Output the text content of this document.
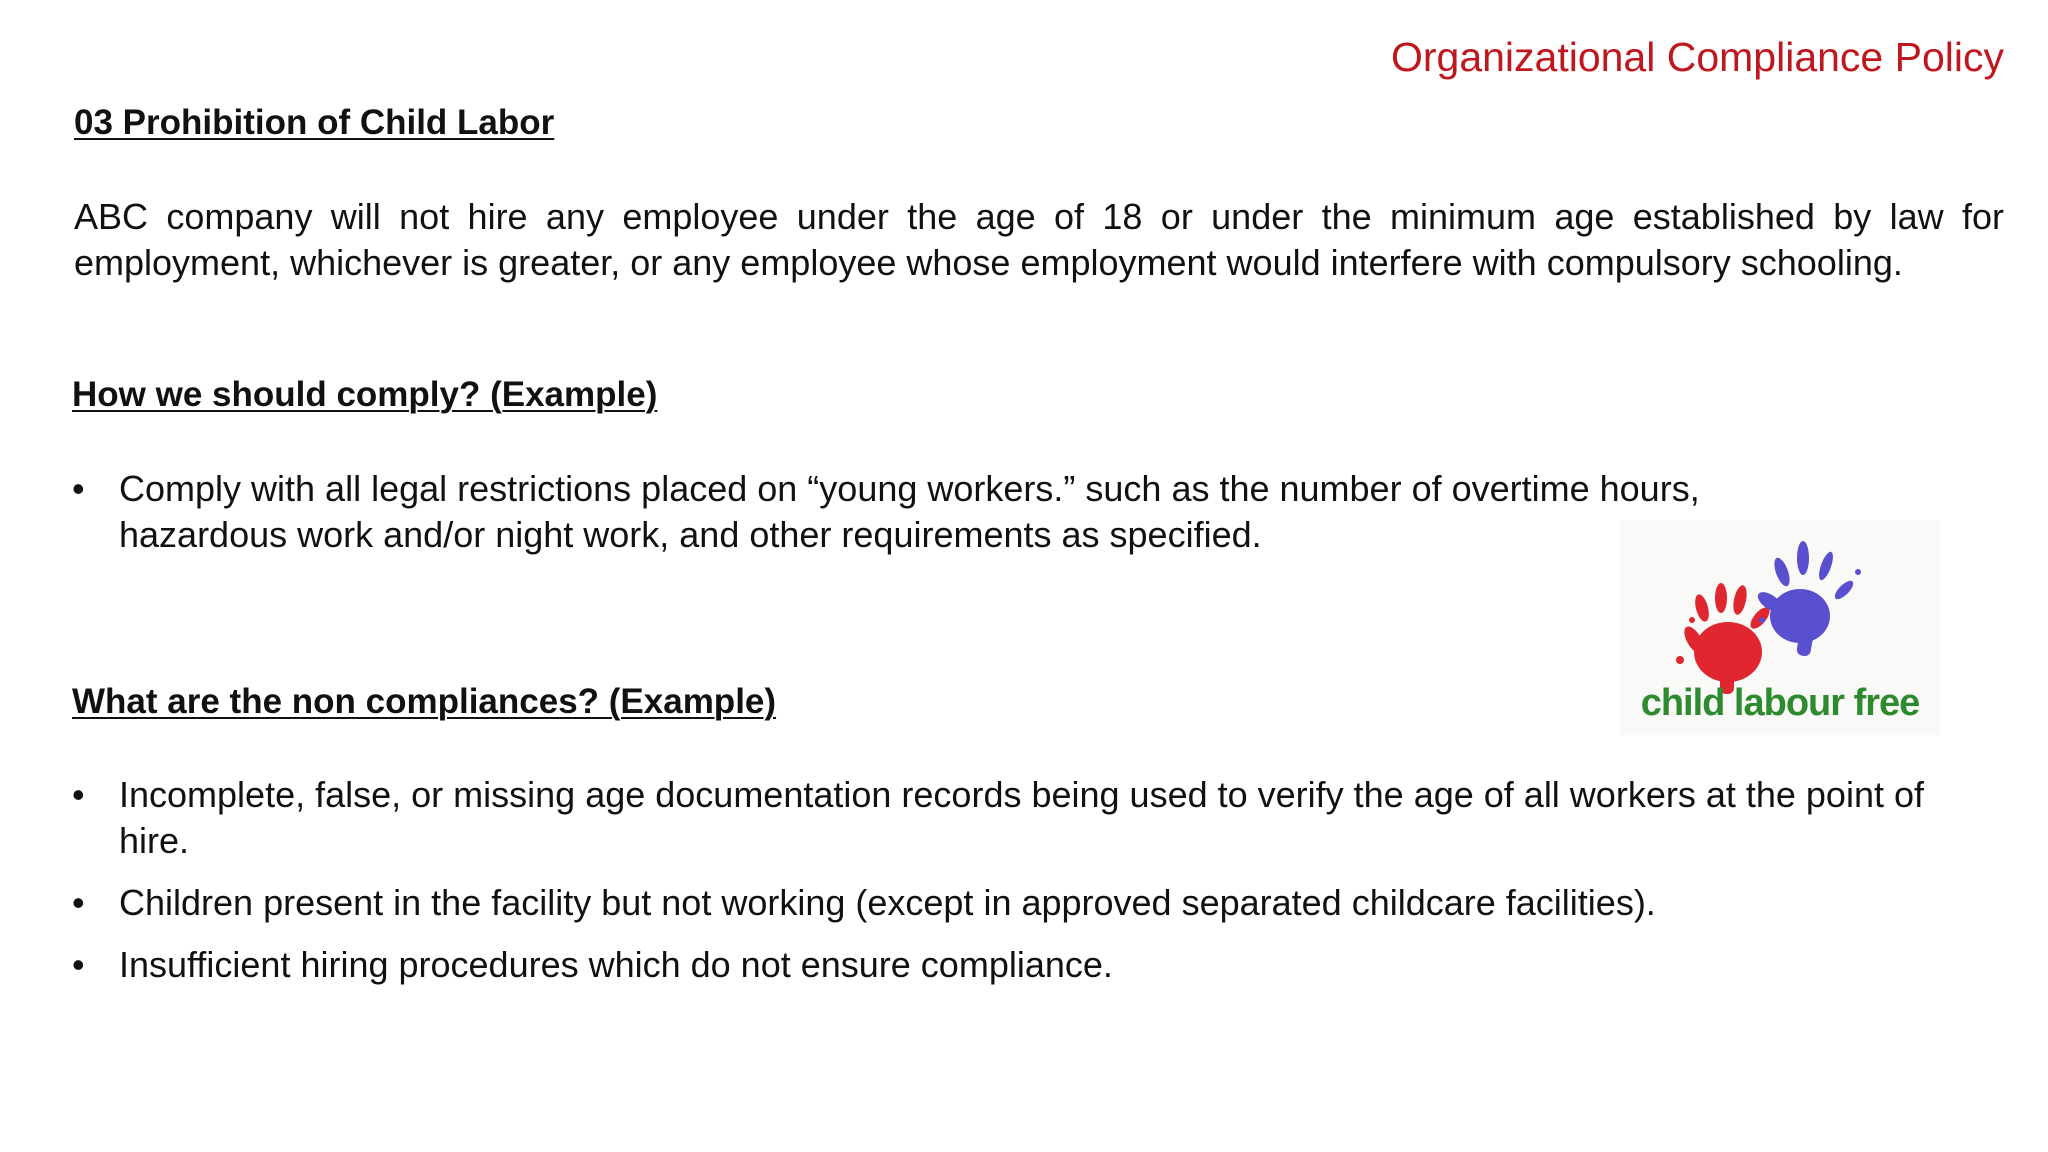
Organizational Compliance Policy
03 Prohibition of Child Labor
ABC company will not hire any employee under the age of 18 or under the minimum age established by law for employment, whichever is greater, or any employee whose employment would interfere with compulsory schooling.
How we should comply? (Example)
• Comply with all legal restrictions placed on “young workers.” such as the number of overtime hours, hazardous work and/or night work, and other requirements as specified.
What are the non compliances? (Example)
• Incomplete, false, or missing age documentation records being used to verify the age of all workers at the point of hire.
• Children present in the facility but not working (except in approved separated childcare facilities).
• Insufficient hiring procedures which do not ensure compliance.
child labour free
